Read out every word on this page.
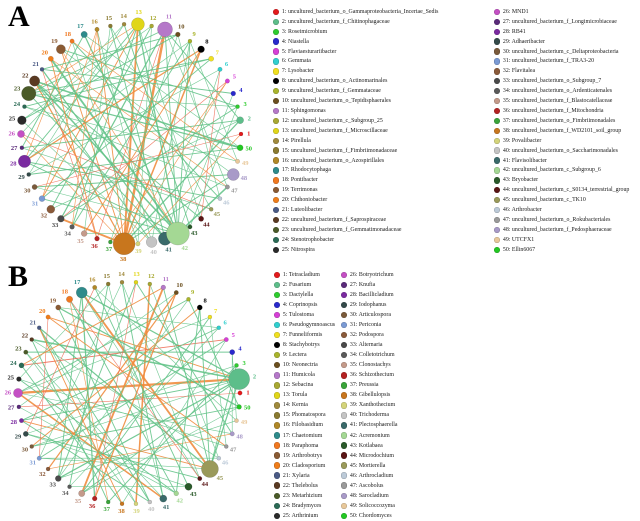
A
1
2
3
4
5
6
7
8
9
10
11
12
13
14
15
16
17
18
19
20
21
22
23
24
25
26
27
28
29
30
31
32
33
34
35
36 37
38
39 40 41 42
43
44
45
46
47
48
49
50
1: uncultured_bacterium_o_Gammaproteobacteria_Incertae_Sedis
2: uncultured_bacterium_f_Chitinophagaceae
3: Roseimicrobium
4: Niastella
5: Flaviaesturariibacter
6: Gemmata
7: Lysobacter
8: uncultured_bacterium_o_Actinomarinales
9: uncultured_bacterium_f_Gemmataceae
10: uncultured_bacterium_o_Tepidisphaerales
11: Sphingomonas
12: uncultured_bacterium_c_Subgroup_25
13: uncultured_bacterium_f_Microscillaceae
14: Pirellula
15: uncultured_bacterium_f_Fimbriimonadaceae
16: uncultured_bacterium_o_Azospirillales
17: Rhodocytophaga
18: Pontibacter
19: Terrimonas
20: Chthoniobacter
21: Luteolibacter
22: uncultured_bacterium_f_Saprospiraceae
23: uncultured_bacterium_f_Gemmatimonadaceae
24: Stenotrophobacter
25: Nitrospira
26: MND1
27: uncultured_bacterium_f_Longimicrobiaceae
28: RB41
29: Adhaeribacter
30: uncultured_bacterium_c_Deltaproteobacteria
31: uncultured_bacterium_f_TRA3-20
32: Flavitalea
33: uncultured_bacterium_o_Subgroup_7
34: uncultured_bacterium_o_Ardenticatenales
35: uncultured_bacterium_f_Blastocatellaceae
36: uncultured_bacterium_f_Mitochondria
37: uncultured_bacterium_o_Fimbriimonadales
38: uncultured_bacterium_f_WD2101_soil_group
39: Povalibacter
40: uncultured_bacterium_o_Saccharimonadales
41: Flavisolibacter
42: uncultured_bacterium_c_Subgroup_6
43: Bryobacter
44: uncultured_bacterium_c_S0134_terrestrial_group
45: uncultured_bacterium_c_TK10
46: Arthrobacter
47: uncultured_bacterium_o_Rokubacteriales
48: uncultured_bacterium_f_Pedosphaeraceae
49: UTCFX1
50: Ellin6067
B
1
2
3
4
5
6
7
8
9
10
11
12
13
14
15
16
17
18
19
20
21
22
23
24
25
26
27
28
29
30
31
32
33
34
35
36 37 38 39 40 41
42
43
44
45
46
47
48
49
50
1: Tetracladium
2: Fusarium
3: Dactylella
4: Coprinopsis
5: Tulostoma
6: Pseudogymnoascus
7: Funneliformis
8: Stachybotrys
9: Lectera
10: Neonectria
11: Humicola
12: Sebacina
13: Torula
14: Kernia
15: Phomatospora
16: Filobasidium
17: Chaetomium
18: Paraphoma
19: Arthrobotrys
20: Cladosporium
21: Xylaria
22: Thelebolus
23: Metarhizium
24: Bradymyces
25: Arthrinium
26: Botryotrichum
27: Knufia
28: Bacillicladium
29: Iodophanus
30: Articulospora
31: Periconia
32: Podospora
33: Alternaria
34: Colletotrichum
35: Clonostachys
36: Schizothecium
37: Preussia
38: Gibellulopsis
39: Xanthothecium
40: Trichoderma
41: Plectosphaerella
42: Acremonium
43: Kotlabaea
44: Microdochium
45: Mortierella
46: Arthrocladium
47: Ascobolus
48: Sarocladium
49: Solicoccozyma
50: Chordomyces
